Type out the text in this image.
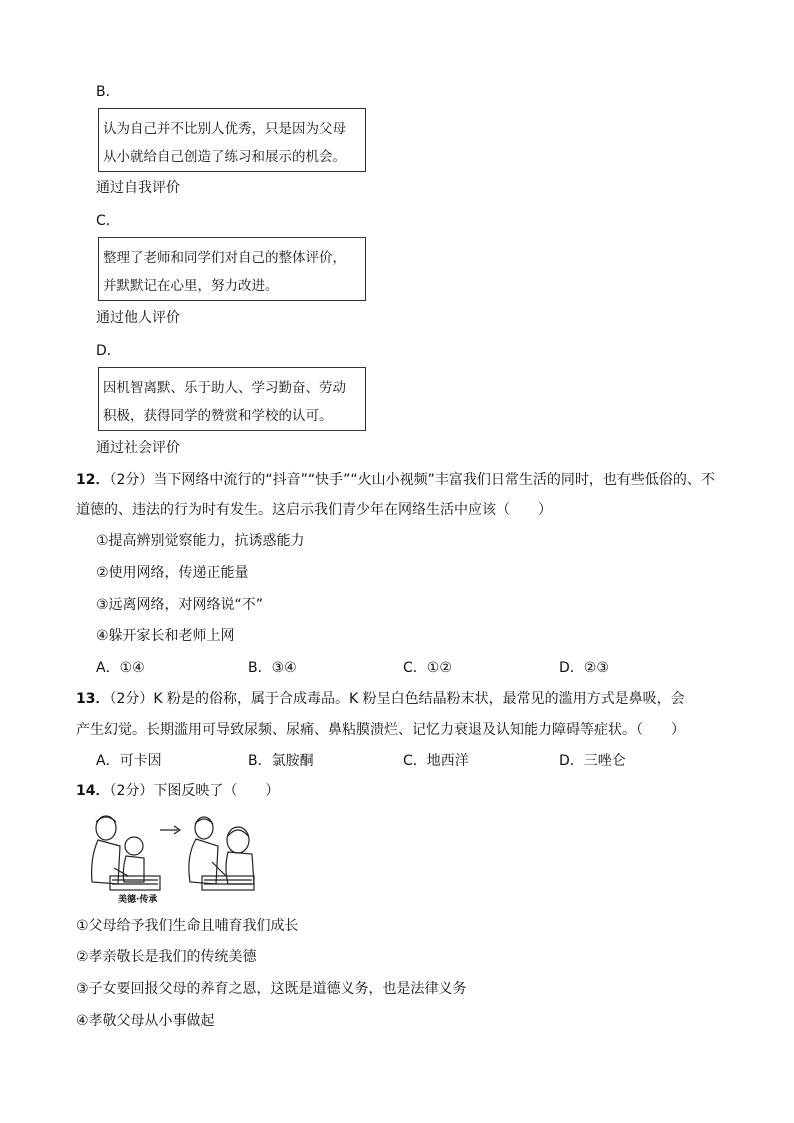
B．
认为自己并不比别人优秀，只是因为父母
从小就给自己创造了练习和展示的机会。
通过自我评价
C．
整理了老师和同学们对自己的整体评价，
并默默记在心里，努力改进。
通过他人评价
D．
因机智离默、乐于助人、学习勤奋、劳动
积极，获得同学的赞赏和学校的认可。
通过社会评价
12．（2分）当下网络中流行的“抖音”“快手”“火山小视频”丰富我们日常生活的同时，也有些低俗的、不
道德的、违法的行为时有发生。这启示我们青少年在网络生活中应该（　　）
①提高辨别觉察能力，抗诱惑能力
②使用网络，传递正能量
③远离网络，对网络说“不”
④躲开家长和老师上网
A．①④	B．③④	C．①②	D．②③
13．（2分）K 粉是的俗称，属于合成毒品。K 粉呈白色结晶粉末状，最常见的滥用方式是鼻吸，会
产生幻觉。长期滥用可导致尿频、尿痛、鼻粘膜溃烂、记忆力衰退及认知能力障碍等症状。（　　）
A．可卡因	B．氯胺酮	C．地西洋	D．三唑仑
14．（2分）下图反映了（　　）
美德·传承
①父母给予我们生命且哺育我们成长
②孝亲敬长是我们的传统美德
③子女要回报父母的养育之恩，这既是道德义务，也是法律义务
④孝敬父母从小事做起
